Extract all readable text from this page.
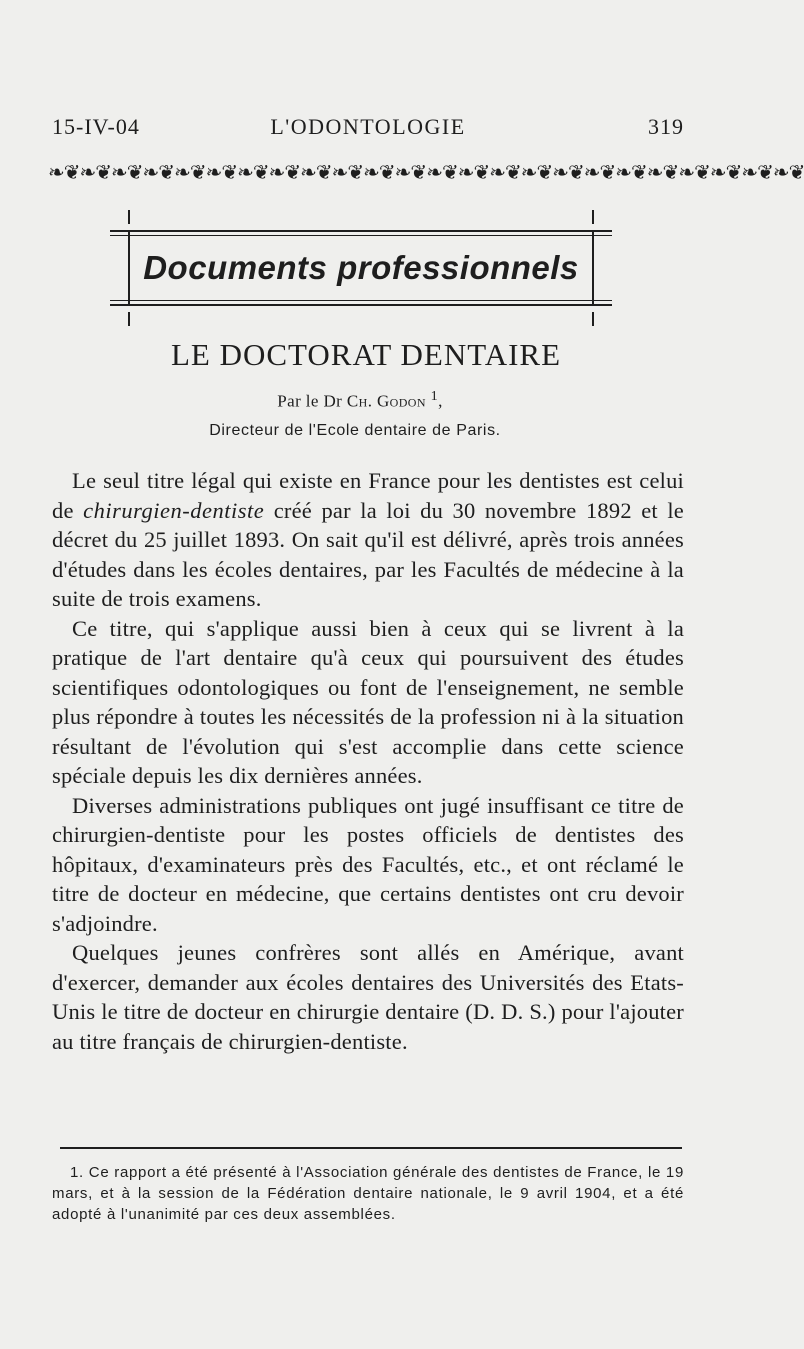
15-IV-04	L'ODONTOLOGIE	319
❧❦❧❦❧❦❧❦❧❦❧❦❧❦❧❦❧❦❧❦❧❦❧❦❧❦❧❦❧❦❧❦❧❦❧❦❧❦❧❦❧❦❧❦❧❦❧❦
Documents professionnels
LE DOCTORAT DENTAIRE
Par le Dr Ch. Godon $^1$,
Directeur de l'Ecole dentaire de Paris.

Le seul titre légal qui existe en France pour les dentistes est celui de chirurgien-dentiste créé par la loi du 30 novembre 1892 et le décret du 25 juillet 1893. On sait qu'il est délivré, après trois années d'études dans les écoles dentaires, par les Facultés de médecine à la suite de trois examens.

Ce titre, qui s'applique aussi bien à ceux qui se livrent à la pratique de l'art dentaire qu'à ceux qui poursuivent des études scientifiques odontologiques ou font de l'enseignement, ne semble plus répondre à toutes les nécessités de la profession ni à la situation résultant de l'évolution qui s'est accomplie dans cette science spéciale depuis les dix dernières années.

Diverses administrations publiques ont jugé insuffisant ce titre de chirurgien-dentiste pour les postes officiels de dentistes des hôpitaux, d'examinateurs près des Facultés, etc., et ont réclamé le titre de docteur en médecine, que certains dentistes ont cru devoir s'adjoindre.

Quelques jeunes confrères sont allés en Amérique, avant d'exercer, demander aux écoles dentaires des Universités des Etats-Unis le titre de docteur en chirurgie dentaire (D. D. S.) pour l'ajouter au titre français de chirurgien-dentiste.

1. Ce rapport a été présenté à l'Association générale des dentistes de France, le 19 mars, et à la session de la Fédération dentaire nationale, le 9 avril 1904, et a été adopté à l'unanimité par ces deux assemblées.
